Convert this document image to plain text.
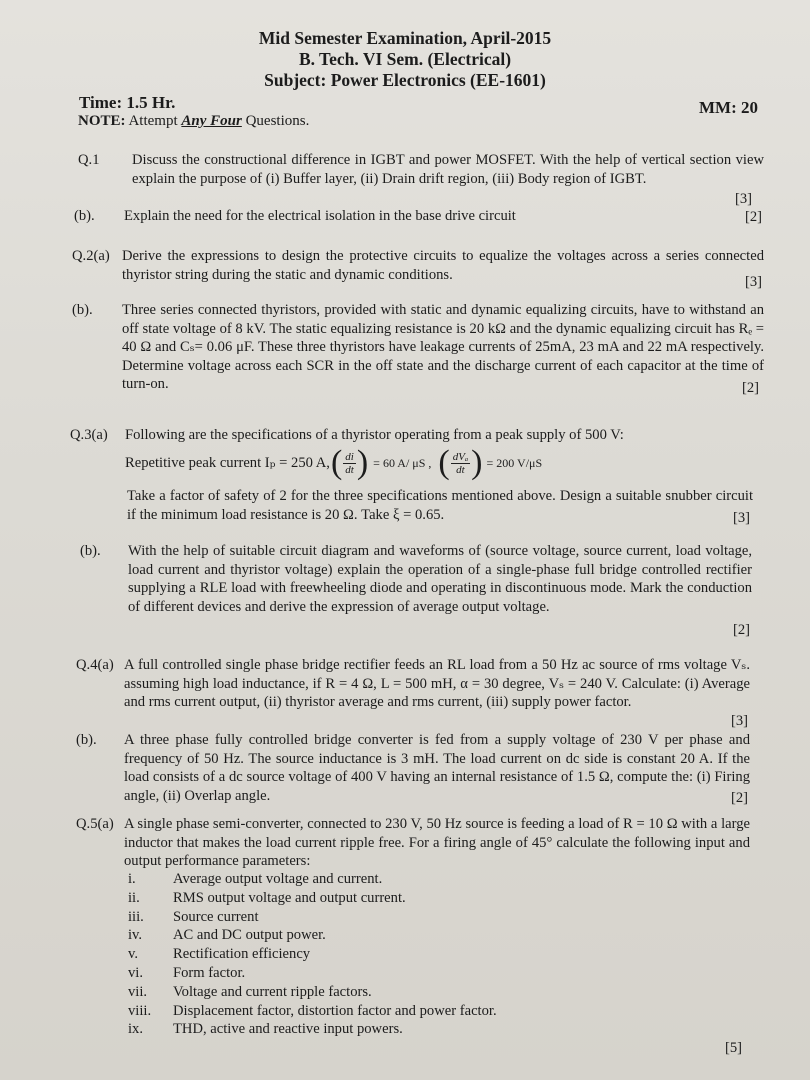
Mid Semester Examination, April-2015
B. Tech. VI Sem. (Electrical)
Subject: Power Electronics (EE-1601)
Time: 1.5 Hr.	MM: 20
NOTE: Attempt Any Four Questions.
Q.1 Discuss the constructional difference in IGBT and power MOSFET. With the help of vertical section view explain the purpose of (i) Buffer layer, (ii) Drain drift region, (iii) Body region of IGBT.
[3]
(b). Explain the need for the electrical isolation in the base drive circuit	[2]
Q.2(a) Derive the expressions to design the protective circuits to equalize the voltages across a series connected thyristor string during the static and dynamic conditions.	[3]
(b). Three series connected thyristors, provided with static and dynamic equalizing circuits, have to withstand an off state voltage of 8 kV. The static equalizing resistance is 20 kΩ and the dynamic equalizing circuit has Rₑ = 40 Ω and Cₛ= 0.06 μF. These three thyristors have leakage currents of 25mA, 23 mA and 22 mA respectively. Determine voltage across each SCR in the off state and the discharge current of each capacitor at the time of turn-on.	[2]
Q.3(a) Following are the specifications of a thyristor operating from a peak supply of 500 V:
Repetitive peak current Iₚ = 250 A, ( $\frac{di}{dt}$ ) = 60 A/ μS , ( $\frac{\text{dVₐ}}{dt}$ ) = 200 V/μS
Take a factor of safety of 2 for the three specifications mentioned above. Design a suitable snubber circuit if the minimum load resistance is 20 Ω. Take ξ = 0.65.	[3]
(b). With the help of suitable circuit diagram and waveforms of (source voltage, source current, load voltage, load current and thyristor voltage) explain the operation of a single-phase full bridge controlled rectifier supplying a RLE load with freewheeling diode and operating in discontinuous mode. Mark the conduction of different devices and derive the expression of average output voltage.
[2]
Q.4(a) A full controlled single phase bridge rectifier feeds an RL load from a 50 Hz ac source of rms voltage Vₛ. assuming high load inductance, if R = 4 Ω, L = 500 mH, α = 30 degree, Vₛ = 240 V. Calculate: (i) Average and rms current output, (ii) thyristor average and rms current, (iii) supply power factor.
[3]
(b). A three phase fully controlled bridge converter is fed from a supply voltage of 230 V per phase and frequency of 50 Hz. The source inductance is 3 mH. The load current on dc side is constant 20 A. If the load consists of a dc source voltage of 400 V having an internal resistance of 1.5 Ω, compute the: (i) Firing angle, (ii) Overlap angle.	[2]
Q.5(a) A single phase semi-converter, connected to 230 V, 50 Hz source is feeding a load of R = 10 Ω with a large inductor that makes the load current ripple free. For a firing angle of 45° calculate the following input and output performance parameters:
i.	Average output voltage and current.
ii.	RMS output voltage and output current.
iii.	Source current
iv.	AC and DC output power.
v.	Rectification efficiency
vi.	Form factor.
vii.	Voltage and current ripple factors.
viii.	Displacement factor, distortion factor and power factor.
ix.	THD, active and reactive input powers.
[5]
